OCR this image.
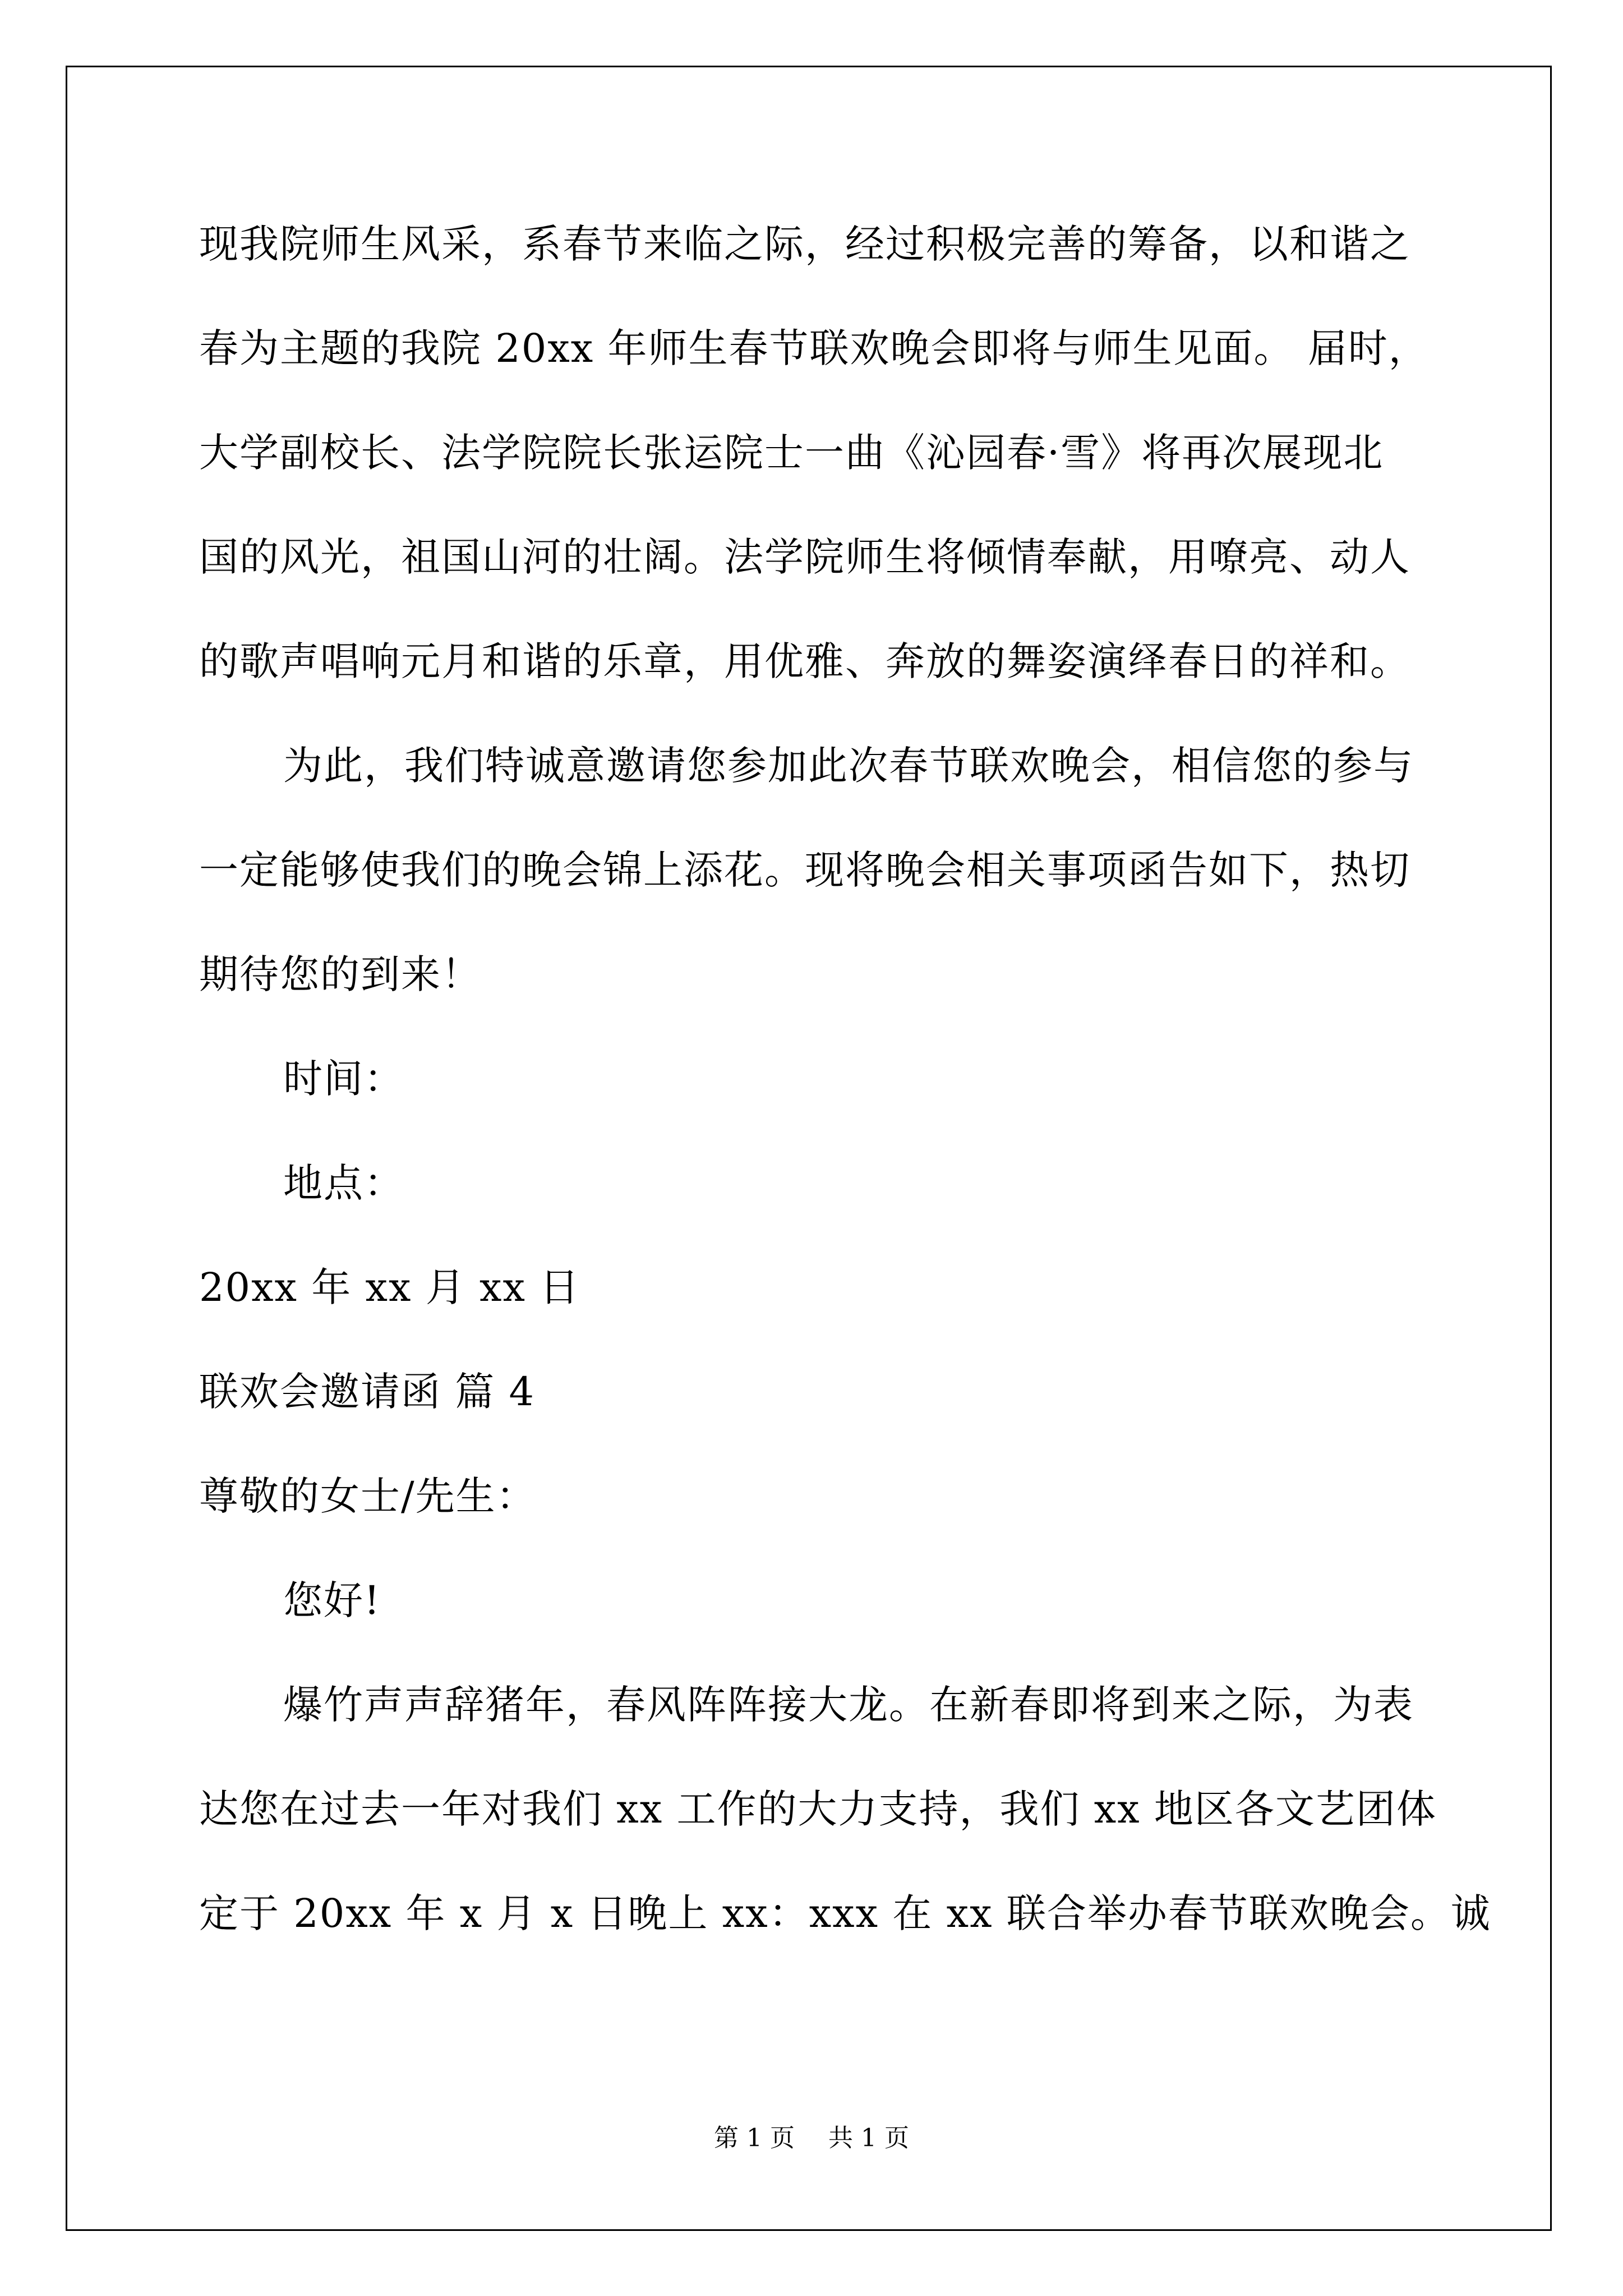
现我院师生风采，系春节来临之际，经过积极完善的筹备，以和谐之

春为主题的我院 20xx 年师生春节联欢晚会即将与师生见面。 届时，

大学副校长、法学院院长张运院士一曲《沁园春·雪》将再次展现北

国的风光，祖国山河的壮阔。法学院师生将倾情奉献，用嘹亮、动人

的歌声唱响元月和谐的乐章，用优雅、奔放的舞姿演绎春日的祥和。

为此，我们特诚意邀请您参加此次春节联欢晚会，相信您的参与

一定能够使我们的晚会锦上添花。现将晚会相关事项函告如下，热切

期待您的到来！

时间：

地点：

20xx 年 xx 月 xx 日

联欢会邀请函 篇 4

尊敬的女士/先生：

您好!

爆竹声声辞猪年，春风阵阵接大龙。在新春即将到来之际，为表

达您在过去一年对我们 xx 工作的大力支持，我们 xx 地区各文艺团体

定于 20xx 年 x 月 x 日晚上 xx：xxx 在 xx 联合举办春节联欢晚会。诚

第 1 页 共 1 页
